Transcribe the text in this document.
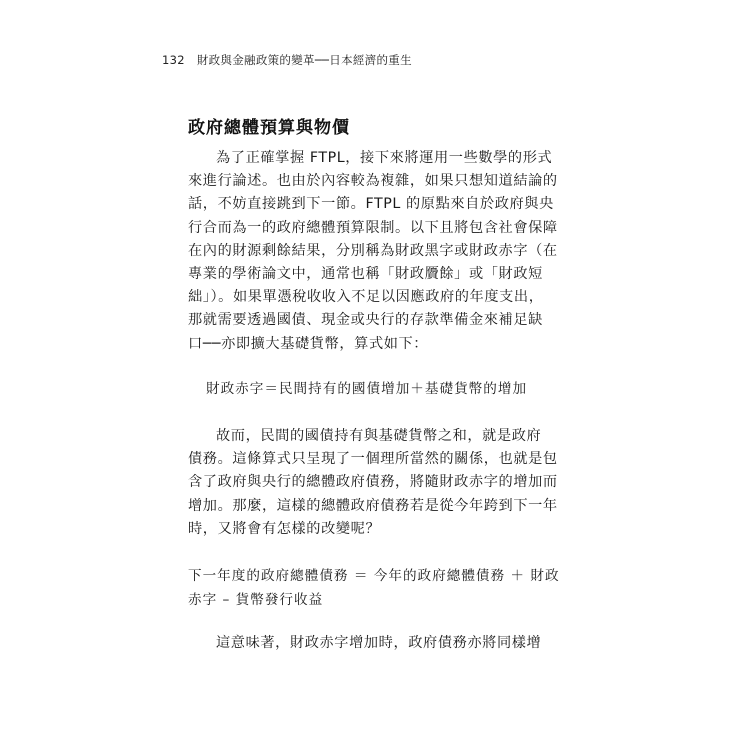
132 財政與金融政策的變革──日本經濟的重生
政府總體預算與物價
為了正確掌握 FTPL，接下來將運用一些數學的形式
來進行論述。也由於內容較為複雜，如果只想知道結論的
話，不妨直接跳到下一節。FTPL 的原點來自於政府與央
行合而為一的政府總體預算限制。以下且將包含社會保障
在內的財源剩餘結果，分別稱為財政黑字或財政赤字（在
專業的學術論文中，通常也稱「財政贗餘」或「財政短
絀」）。如果單憑稅收收入不足以因應政府的年度支出，
那就需要透過國債、現金或央行的存款準備金來補足缺
口──亦即擴大基礎貨幣，算式如下：
財政赤字＝民間持有的國債增加＋基礎貨幣的增加
故而，民間的國債持有與基礎貨幣之和，就是政府
債務。這條算式只呈現了一個理所當然的關係，也就是包
含了政府與央行的總體政府債務，將隨財政赤字的增加而
增加。那麼，這樣的總體政府債務若是從今年跨到下一年
時，又將會有怎樣的改變呢？
下一年度的政府總體債務 ＝ 今年的政府總體債務 ＋ 財政
赤字 – 貨幣發行收益
這意味著，財政赤字增加時，政府債務亦將同樣增
